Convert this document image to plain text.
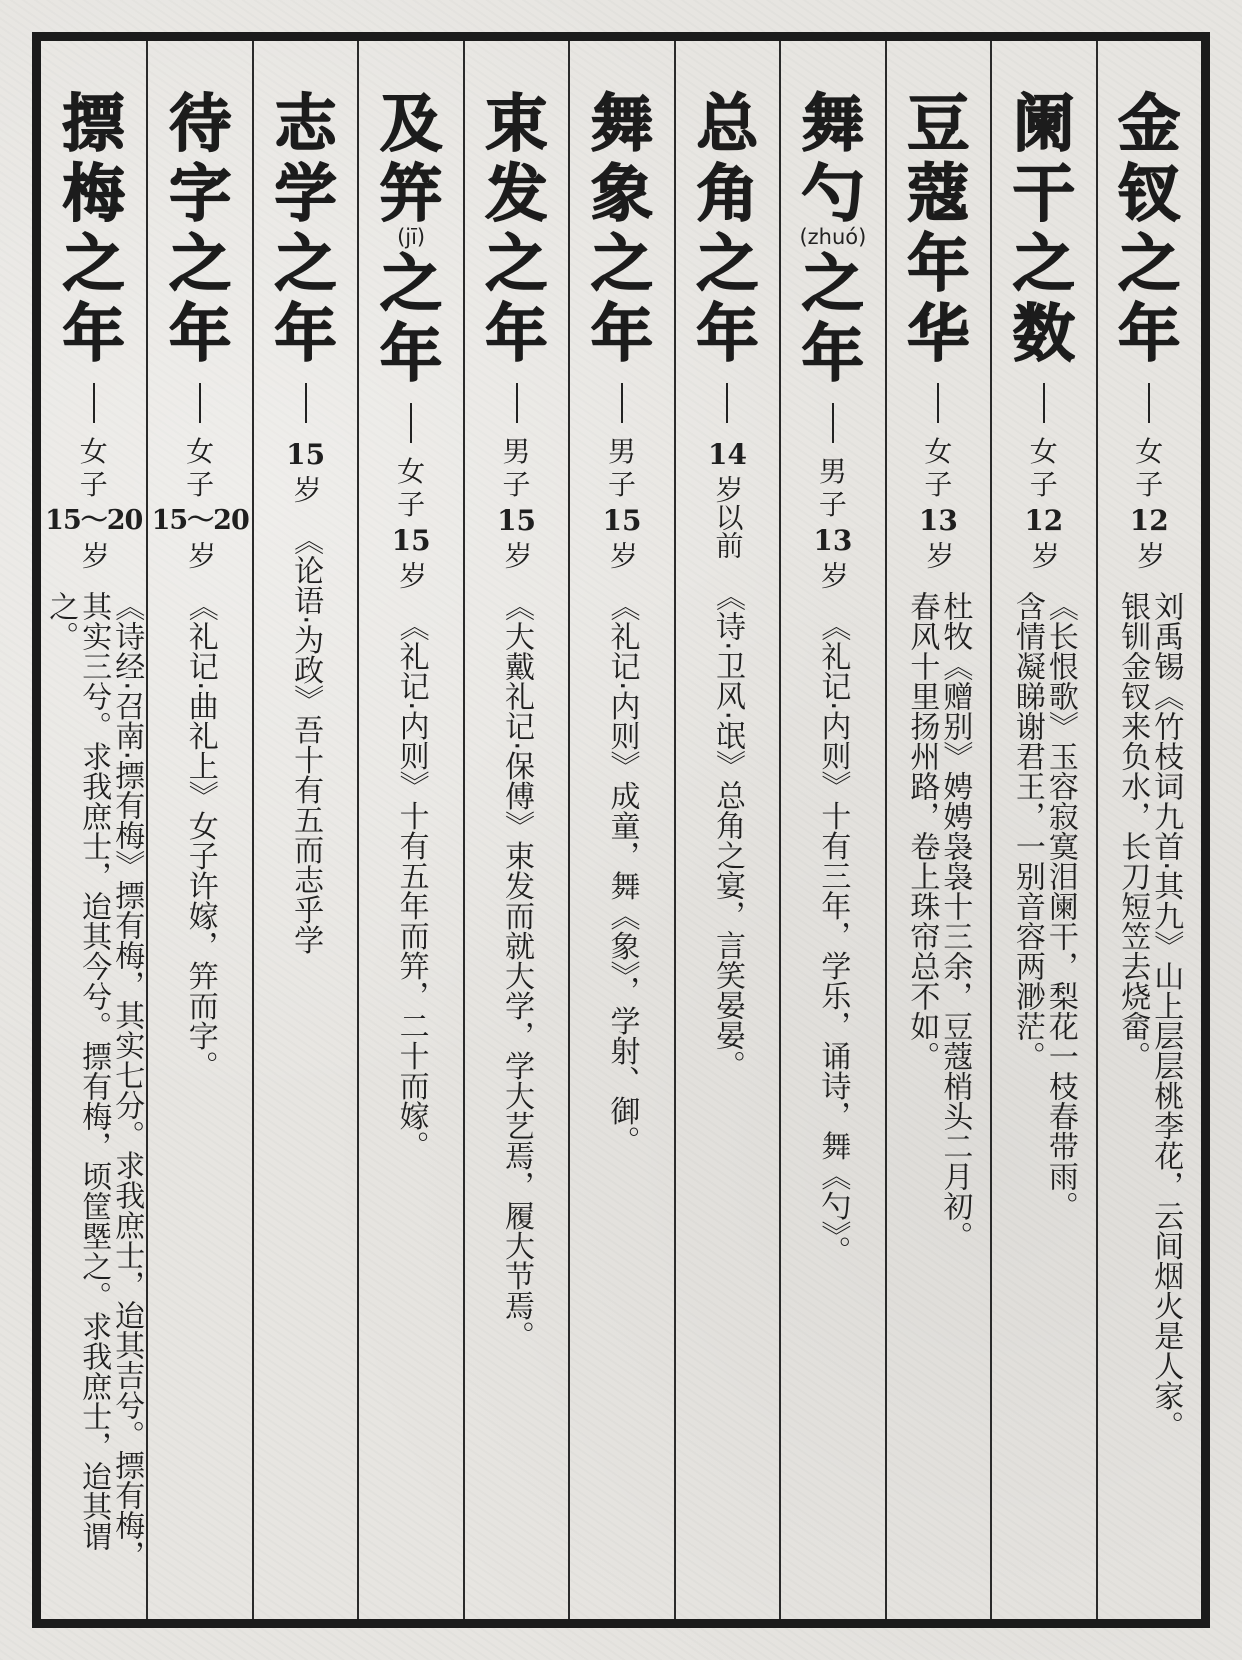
金
钗
之
年
女
子
12
岁
刘禹锡《竹枝词九首·其九》山上层层桃李花，云间烟火是人家。
银钏金钗来负水，长刀短笠去烧畲。
阑
干
之
数
女
子
12
岁
《长恨歌》玉容寂寞泪阑干，梨花一枝春带雨。
含情凝睇谢君王，一别音容两渺茫。
豆
蔻
年
华
女
子
13
岁
杜牧《赠别》娉娉袅袅十三余，豆蔻梢头二月初。
春风十里扬州路，卷上珠帘总不如。
舞
勺
(zhuó)
之
年
男
子
13
岁
《礼记·内则》十有三年，学乐，诵诗，舞《勺》。
总
角
之
年
14
岁以前
《诗·卫风·氓》总角之宴，言笑晏晏。
舞
象
之
年
男
子
15
岁
《礼记·内则》成童，舞《象》，学射、御。
束
发
之
年
男
子
15
岁
《大戴礼记·保傅》束发而就大学，学大艺焉，履大节焉。
及
笄
(jī)
之
年
女
子
15
岁
《礼记·内则》十有五年而笄，二十而嫁。
志
学
之
年
15
岁
《论语·为政》吾十有五而志乎学
待
字
之
年
女
子
15～20
岁
《礼记·曲礼上》女子许嫁，笄而字。
摽
梅
之
年
女
子
15～20
岁
《诗经·召南·摽有梅》摽有梅，其实七分。求我庶士，迨其吉兮。摽有梅，
其实三兮。求我庶士，迨其今兮。摽有梅，顷筐塈之。求我庶士，迨其谓之。
